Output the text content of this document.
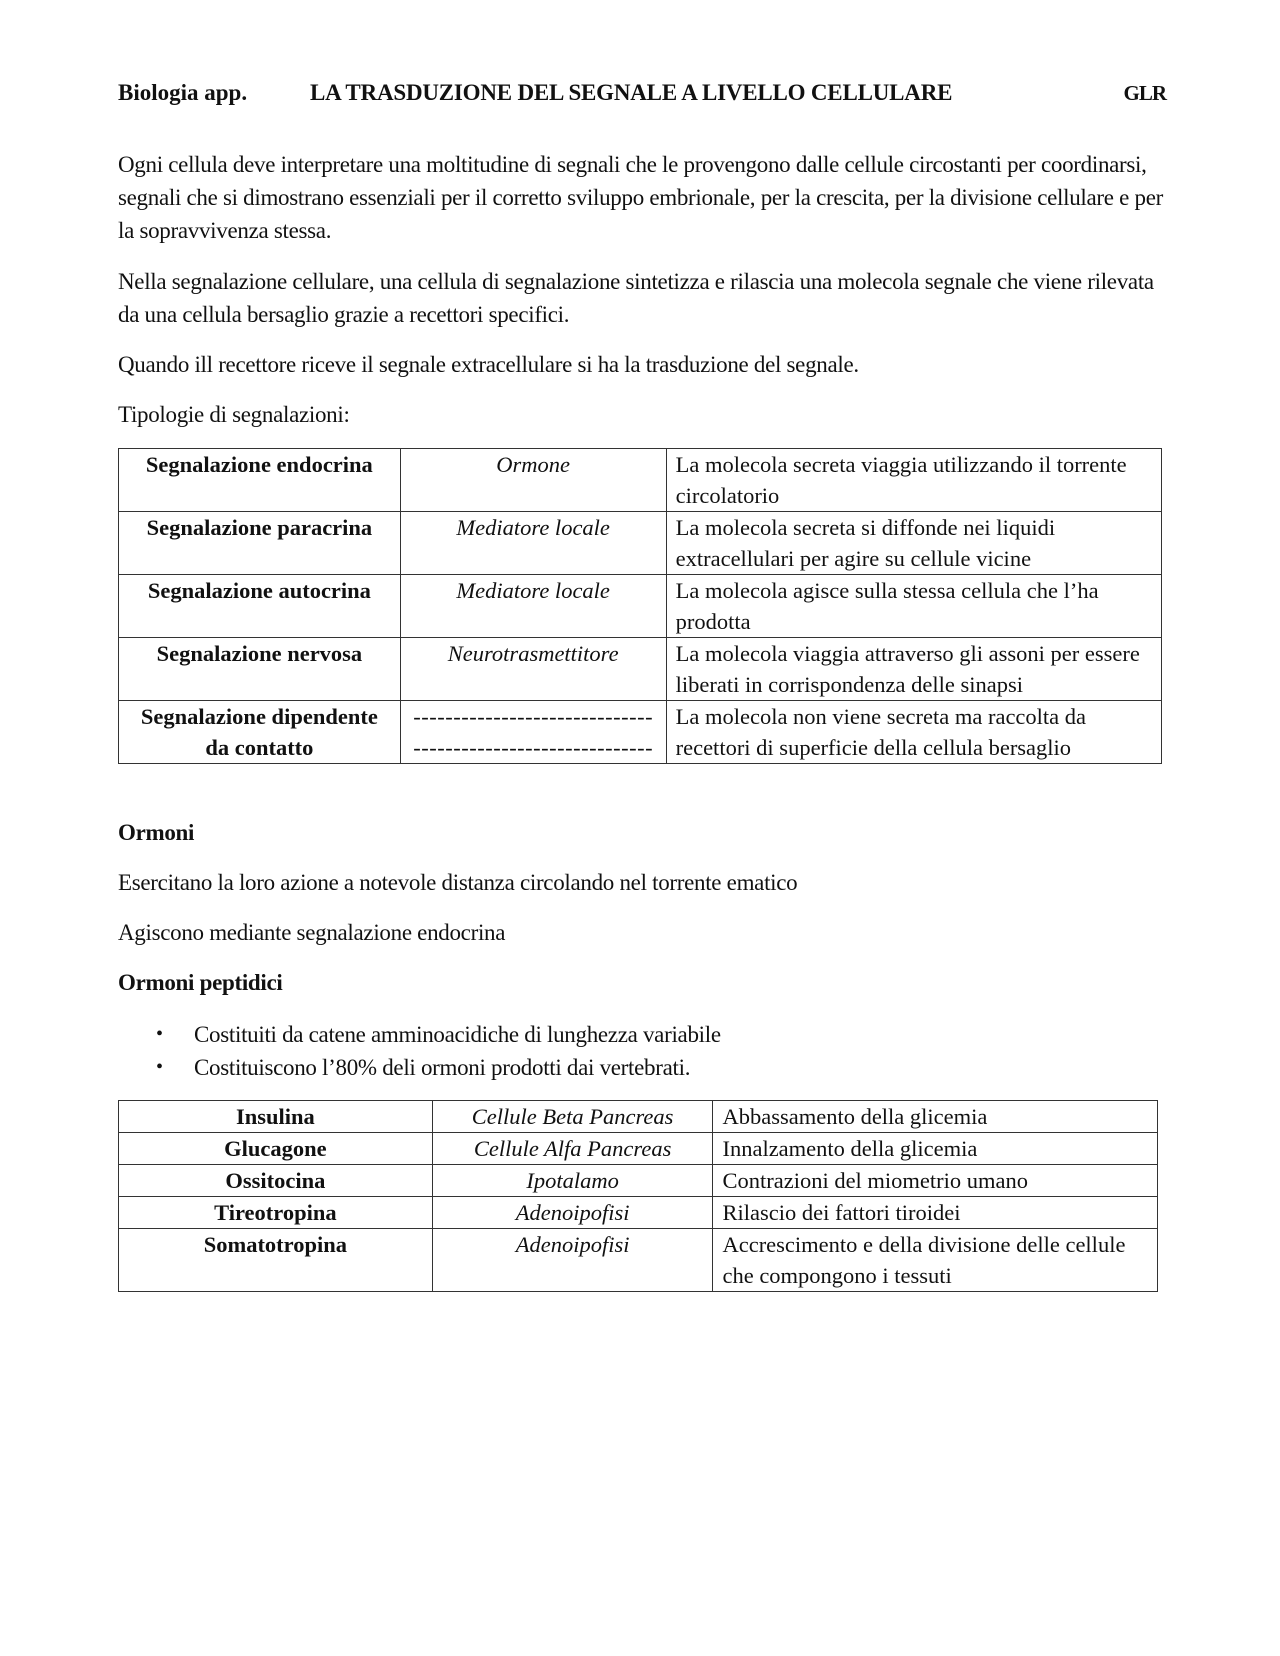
Biologia app.	LA TRASDUZIONE DEL SEGNALE A LIVELLO CELLULARE	GLR

Ogni cellula deve interpretare una moltitudine di segnali che le provengono dalle cellule circostanti per coordinarsi, segnali che si dimostrano essenziali per il corretto sviluppo embrionale, per la crescita, per la divisione cellulare e per la sopravvivenza stessa.

Nella segnalazione cellulare, una cellula di segnalazione sintetizza e rilascia una molecola segnale che viene rilevata da una cellula bersaglio grazie a recettori specifici.

Quando ill recettore riceve il segnale extracellulare si ha la trasduzione del segnale.

Tipologie di segnalazioni:

Segnalazione endocrina	Ormone	La molecola secreta viaggia utilizzando il torrente circolatorio
Segnalazione paracrina	Mediatore locale	La molecola secreta si diffonde nei liquidi extracellulari per agire su cellule vicine
Segnalazione autocrina	Mediatore locale	La molecola agisce sulla stessa cellula che l’ha prodotta
Segnalazione nervosa	Neurotrasmettitore	La molecola viaggia attraverso gli assoni per essere liberati in corrispondenza delle sinapsi
Segnalazione dipendente da contatto	------------------------------ ------------------------------	La molecola non viene secreta ma raccolta da recettori di superficie della cellula bersaglio

Ormoni

Esercitano la loro azione a notevole distanza circolando nel torrente ematico

Agiscono mediante segnalazione endocrina

Ormoni peptidici

• Costituiti da catene amminoacidiche di lunghezza variabile
• Costituiscono l’80% deli ormoni prodotti dai vertebrati.
Insulina	Cellule Beta Pancreas	Abbassamento della glicemia
Glucagone	Cellule Alfa Pancreas	Innalzamento della glicemia
Ossitocina	Ipotalamo	Contrazioni del miometrio umano
Tireotropina	Adenoipofisi	Rilascio dei fattori tiroidei
Somatotropina	Adenoipofisi	Accrescimento e della divisione delle cellule che compongono i tessuti
